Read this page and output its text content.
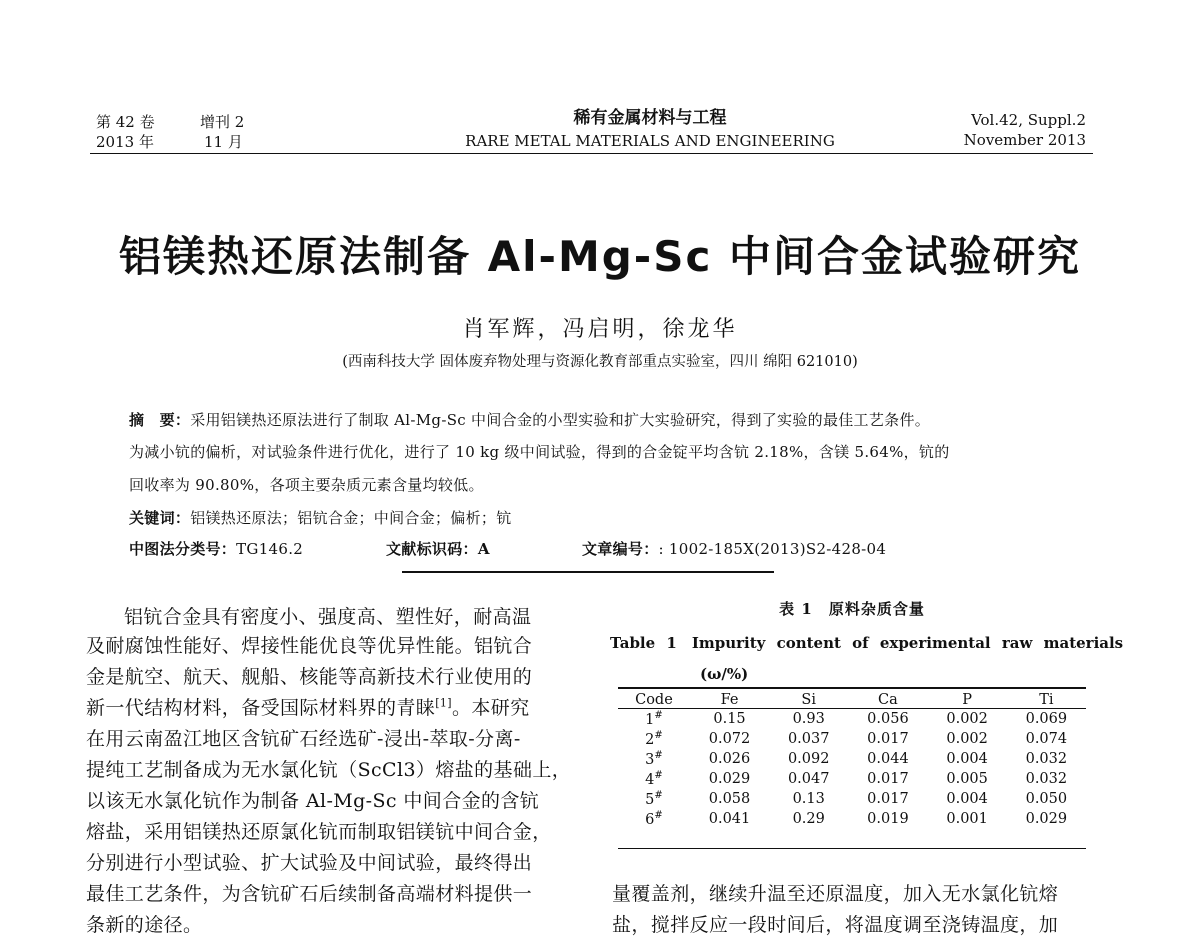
第 42 卷	增刊 2
2013 年	11 月
稀有金属材料与工程
RARE METAL MATERIALS AND ENGINEERING
Vol.42, Suppl.2
November 2013
铝镁热还原法制备 Al-Mg-Sc 中间合金试验研究
肖军辉，冯启明，徐龙华
(西南科技大学 固体废弃物处理与资源化教育部重点实验室，四川 绵阳 621010)
摘　要：采用铝镁热还原法进行了制取 Al-Mg-Sc 中间合金的小型实验和扩大实验研究，得到了实验的最佳工艺条件。
为减小钪的偏析，对试验条件进行优化，进行了 10 kg 级中间试验，得到的合金锭平均含钪 2.18%，含镁 5.64%，钪的
回收率为 90.80%，各项主要杂质元素含量均较低。
关键词：铝镁热还原法；铝钪合金；中间合金；偏析；钪
中图法分类号：TG146.2	文献标识码：A	文章编号：: 1002-185X(2013)S2-428-04
铝钪合金具有密度小、强度高、塑性好，耐高温
及耐腐蚀性能好、焊接性能优良等优异性能。铝钪合
金是航空、航天、舰船、核能等高新技术行业使用的
新一代结构材料，备受国际材料界的青睐[1]。本研究
在用云南盈江地区含钪矿石经选矿-浸出-萃取-分离-
提纯工艺制备成为无水氯化钪（ScCl3）熔盐的基础上，
以该无水氯化钪作为制备 Al-Mg-Sc 中间合金的含钪
熔盐，采用铝镁热还原氯化钪而制取铝镁钪中间合金，
分别进行小型试验、扩大试验及中间试验，最终得出
最佳工艺条件，为含钪矿石后续制备高端材料提供一
条新的途径。
表 1　原料杂质含量
Table 1　Impurity content of experimental raw materials
(ω/%)
Code	Fe	Si	Ca	P	Ti
1#	0.15	0.93	0.056	0.002	0.069
2#	0.072	0.037	0.017	0.002	0.074
3#	0.026	0.092	0.044	0.004	0.032
4#	0.029	0.047	0.017	0.005	0.032
5#	0.058	0.13	0.017	0.004	0.050
6#	0.041	0.29	0.019	0.001	0.029
量覆盖剂，继续升温至还原温度，加入无水氯化钪熔
盐，搅拌反应一段时间后，将温度调至浇铸温度，加
